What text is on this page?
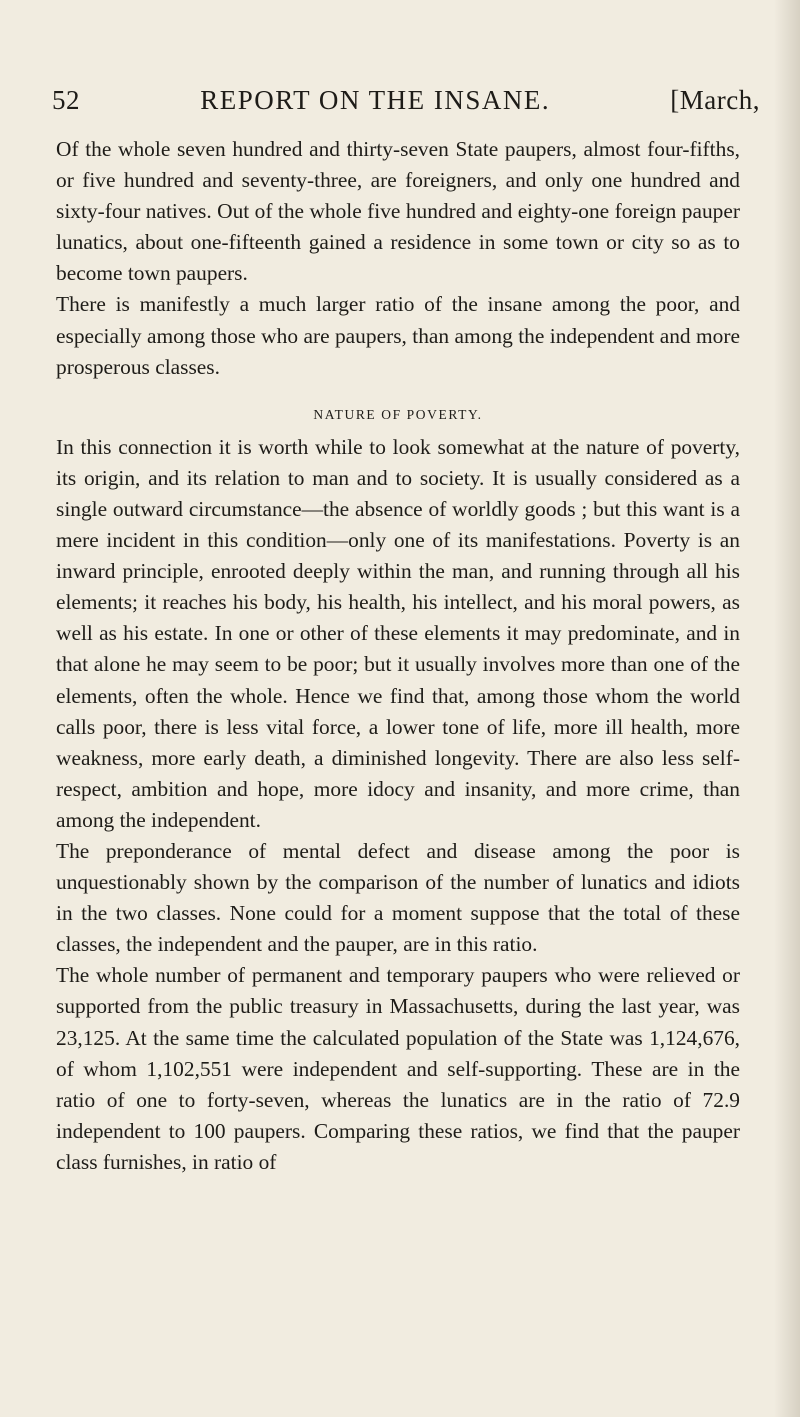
52	REPORT ON THE INSANE.	[March,

Of the whole seven hundred and thirty-seven State paupers, almost four-fifths, or five hundred and seventy-three, are foreigners, and only one hundred and sixty-four natives. Out of the whole five hundred and eighty-one foreign pauper lunatics, about one-fifteenth gained a residence in some town or city so as to become town paupers.

There is manifestly a much larger ratio of the insane among the poor, and especially among those who are paupers, than among the independent and more prosperous classes.

NATURE OF POVERTY.

In this connection it is worth while to look somewhat at the nature of poverty, its origin, and its relation to man and to society. It is usually considered as a single outward circumstance—the absence of worldly goods ; but this want is a mere incident in this condition—only one of its manifestations. Poverty is an inward principle, enrooted deeply within the man, and running through all his elements; it reaches his body, his health, his intellect, and his moral powers, as well as his estate. In one or other of these elements it may predominate, and in that alone he may seem to be poor; but it usually involves more than one of the elements, often the whole. Hence we find that, among those whom the world calls poor, there is less vital force, a lower tone of life, more ill health, more weakness, more early death, a diminished longevity. There are also less self-respect, ambition and hope, more idocy and insanity, and more crime, than among the independent.

The preponderance of mental defect and disease among the poor is unquestionably shown by the comparison of the number of lunatics and idiots in the two classes. None could for a moment suppose that the total of these classes, the independent and the pauper, are in this ratio.

The whole number of permanent and temporary paupers who were relieved or supported from the public treasury in Massachusetts, during the last year, was 23,125. At the same time the calculated population of the State was 1,124,676, of whom 1,102,551 were independent and self-supporting. These are in the ratio of one to forty-seven, whereas the lunatics are in the ratio of 72.9 independent to 100 paupers. Comparing these ratios, we find that the pauper class furnishes, in ratio of
